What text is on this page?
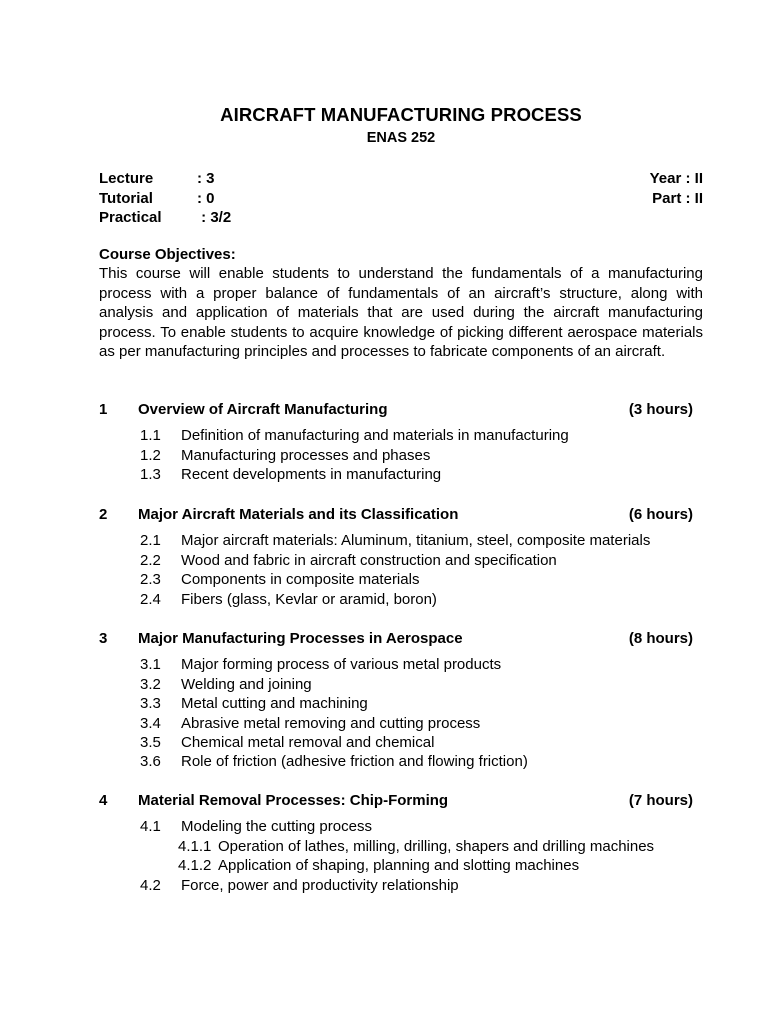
AIRCRAFT MANUFACTURING PROCESS
ENAS 252
Lecture	: 3
Tutorial	: 0
Practical	: 3/2
Year : II
Part : II
Course Objectives:
This course will enable students to understand the fundamentals of a manufacturing process with a proper balance of fundamentals of an aircraft’s structure, along with analysis and application of materials that are used during the aircraft manufacturing process. To enable students to acquire knowledge of picking different aerospace materials as per manufacturing principles and processes to fabricate components of an aircraft.
1	Overview of Aircraft Manufacturing	(3 hours)
1.1	Definition of manufacturing and materials in manufacturing
1.2	Manufacturing processes and phases
1.3	Recent developments in manufacturing
2	Major Aircraft Materials and its Classification	(6 hours)
2.1	Major aircraft materials: Aluminum, titanium, steel, composite materials
2.2	Wood and fabric in aircraft construction and specification
2.3	Components in composite materials
2.4	Fibers (glass, Kevlar or aramid, boron)
3	Major Manufacturing Processes in Aerospace	(8 hours)
3.1	Major forming process of various metal products
3.2	Welding and joining
3.3	Metal cutting and machining
3.4	Abrasive metal removing and cutting process
3.5	Chemical metal removal and chemical
3.6	Role of friction (adhesive friction and flowing friction)
4	Material Removal Processes: Chip-Forming	(7 hours)
4.1	Modeling the cutting process
4.1.1 Operation of lathes, milling, drilling, shapers and drilling machines
4.1.2 Application of shaping, planning and slotting machines
4.2	Force, power and productivity relationship
